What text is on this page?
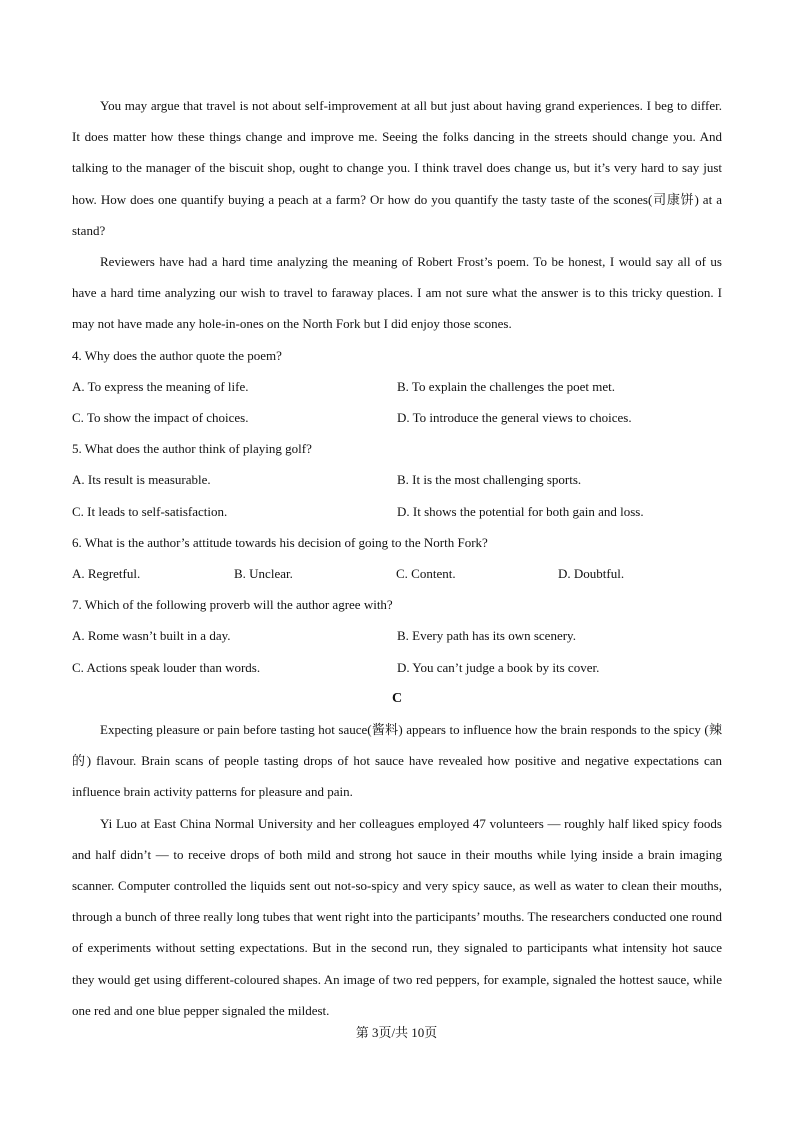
You may argue that travel is not about self-improvement at all but just about having grand experiences. I beg to differ. It does matter how these things change and improve me. Seeing the folks dancing in the streets should change you. And talking to the manager of the biscuit shop, ought to change you. I think travel does change us, but it’s very hard to say just how. How does one quantify buying a peach at a farm? Or how do you quantify the tasty taste of the scones(司康饼) at a stand?

Reviewers have had a hard time analyzing the meaning of Robert Frost’s poem. To be honest, I would say all of us have a hard time analyzing our wish to travel to faraway places. I am not sure what the answer is to this tricky question. I may not have made any hole-in-ones on the North Fork but I did enjoy those scones.

4. Why does the author quote the poem?

A. To express the meaning of life.	B. To explain the challenges the poet met.
C. To show the impact of choices.	D. To introduce the general views to choices.

5. What does the author think of playing golf?

A. Its result is measurable.	B. It is the most challenging sports.
C. It leads to self-satisfaction.	D. It shows the potential for both gain and loss.

6. What is the author’s attitude towards his decision of going to the North Fork?

A. Regretful.	B. Unclear.	C. Content.	D. Doubtful.

7. Which of the following proverb will the author agree with?

A. Rome wasn’t built in a day.	B. Every path has its own scenery.
C. Actions speak louder than words.	D. You can’t judge a book by its cover.

C

Expecting pleasure or pain before tasting hot sauce(酱料) appears to influence how the brain responds to the spicy (辣的) flavour. Brain scans of people tasting drops of hot sauce have revealed how positive and negative expectations can influence brain activity patterns for pleasure and pain.

Yi Luo at East China Normal University and her colleagues employed 47 volunteers — roughly half liked spicy foods and half didn’t — to receive drops of both mild and strong hot sauce in their mouths while lying inside a brain imaging scanner. Computer controlled the liquids sent out not-so-spicy and very spicy sauce, as well as water to clean their mouths, through a bunch of three really long tubes that went right into the participants’ mouths. The researchers conducted one round of experiments without setting expectations. But in the second run, they signaled to participants what intensity hot sauce they would get using different-coloured shapes. An image of two red peppers, for example, signaled the hottest sauce, while one red and one blue pepper signaled the mildest.

第 3页/共 10页
